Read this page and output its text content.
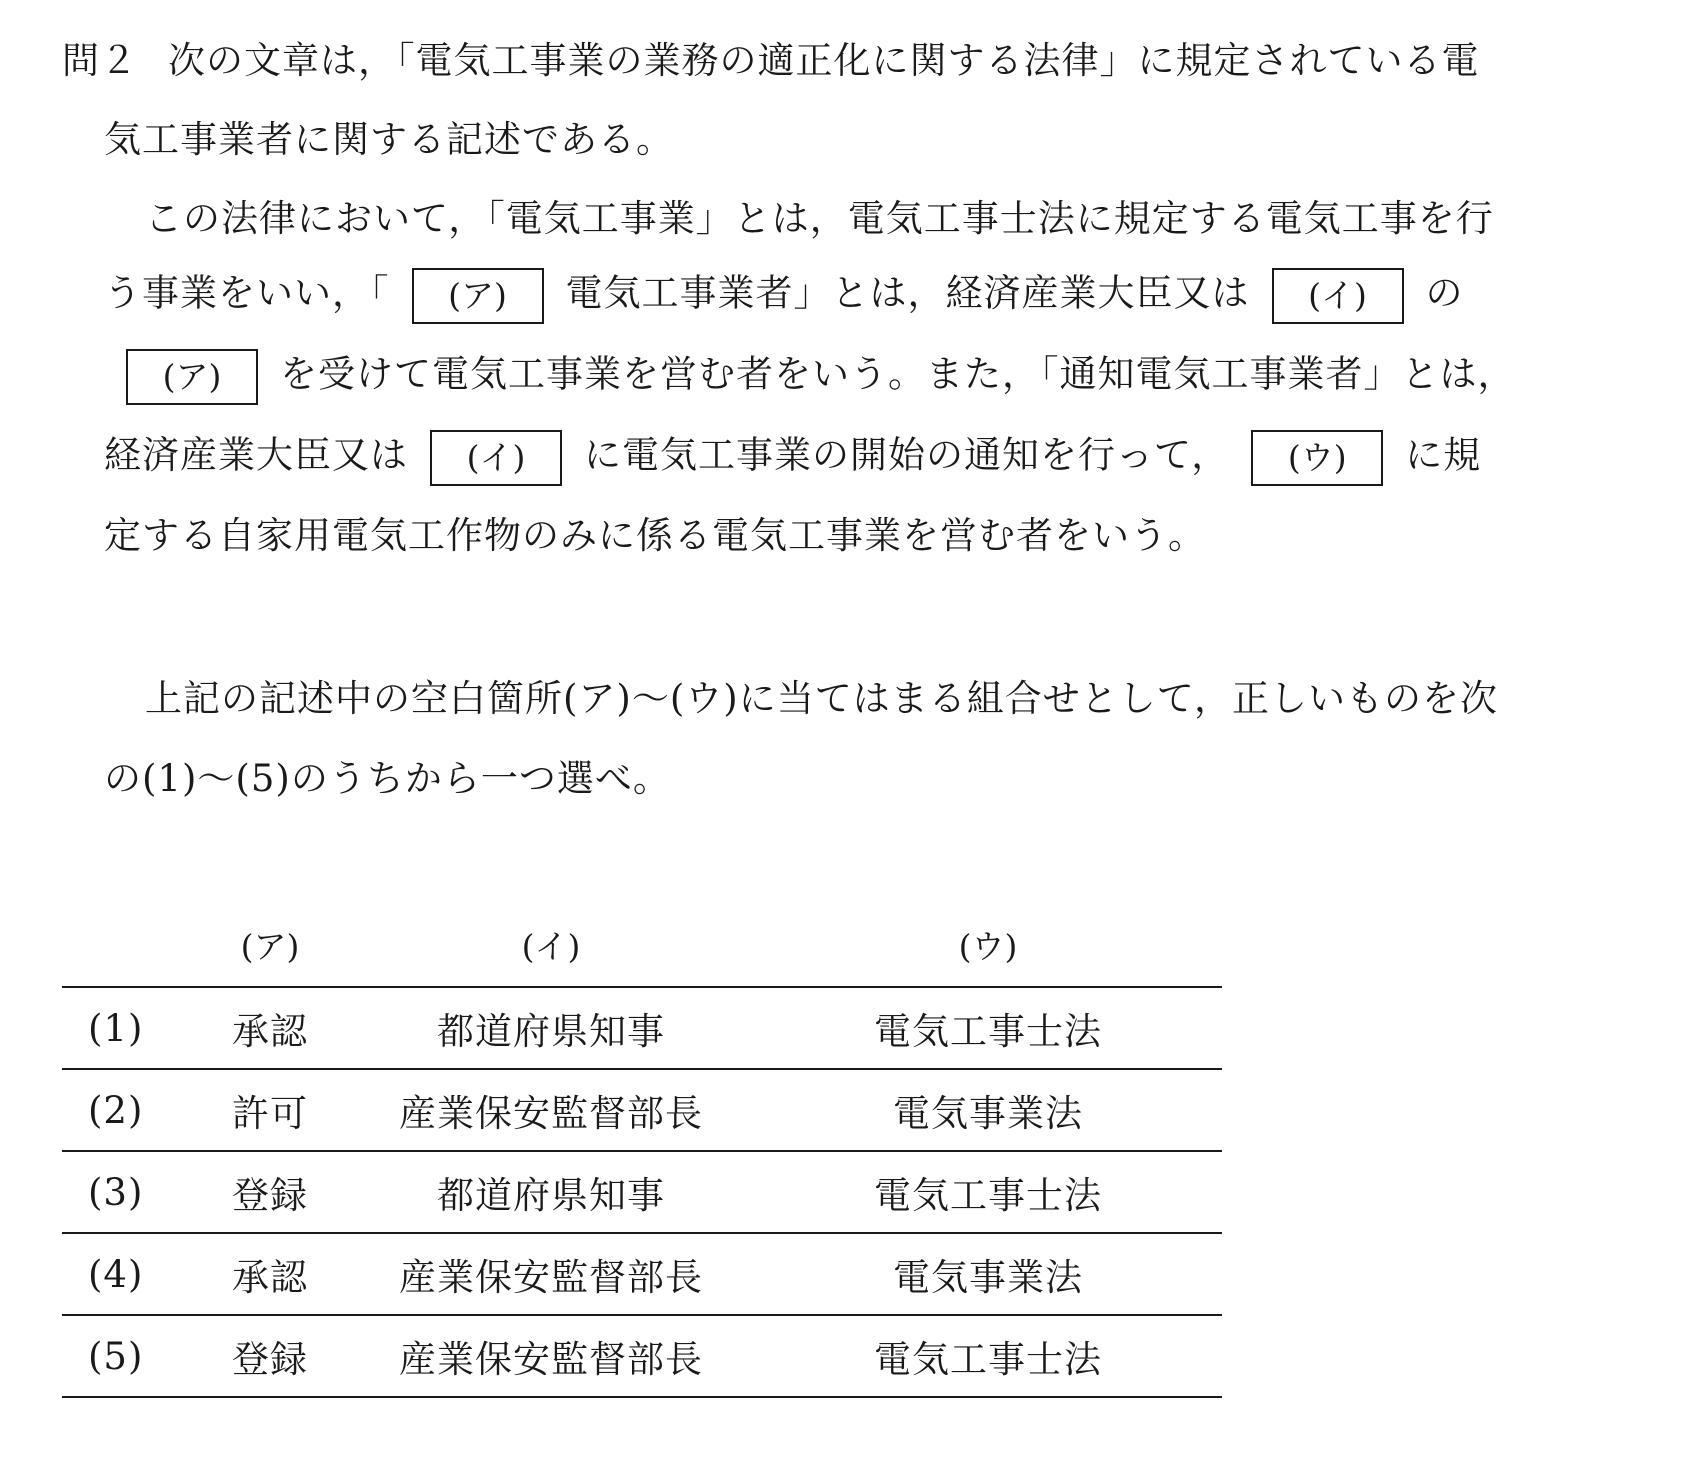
問２ 次の文章は，「電気工事業の業務の適正化に関する法律」に規定されている電
気工事業者に関する記述である。
この法律において，「電気工事業」とは，電気工事士法に規定する電気工事を行
う事業をいい，「 (ア) 電気工事業者」とは，経済産業大臣又は (イ) の
(ア) を受けて電気工事業を営む者をいう。また，「通知電気工事業者」とは，
経済産業大臣又は (イ) に電気工事業の開始の通知を行って， (ウ) に規
定する自家用電気工作物のみに係る電気工事業を営む者をいう。
上記の記述中の空白箇所(ア)～(ウ)に当てはまる組合せとして，正しいものを次
の(1)～(5)のうちから一つ選べ。
	(ア)	(イ)	(ウ)
(1)	承認	都道府県知事	電気工事士法
(2)	許可	産業保安監督部長	電気事業法
(3)	登録	都道府県知事	電気工事士法
(4)	承認	産業保安監督部長	電気事業法
(5)	登録	産業保安監督部長	電気工事士法
